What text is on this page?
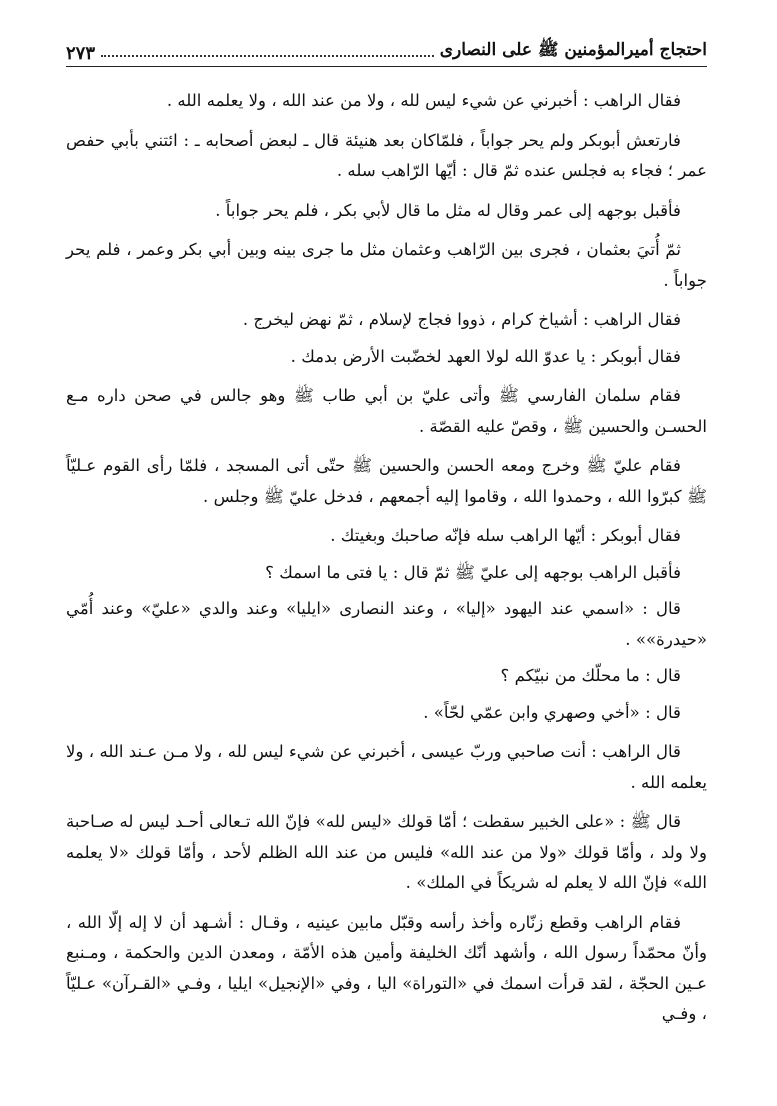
احتجاج أميرالمؤمنين ﷺ على النصارى
٢٧٣

فقال الراهب : أخبرني عن شيء ليس لله ، ولا من عند الله ، ولا يعلمه الله .

فارتعش أبوبكر ولم يحر جواباً ، فلمّاكان بعد هنيئة قال ـ لبعض أصحابه ـ : ائتني بأبي حفص عمر ؛ فجاء به فجلس عنده ثمّ قال : أيّها الرّاهب سله .

فأقبل بوجهه إلى عمر وقال له مثل ما قال لأبي بكر ، فلم يحر جواباً .

ثمّ أُتيَ بعثمان ، فجرى بين الرّاهب وعثمان مثل ما جرى بينه وبين أبي بكر وعمر ، فلم يحر جواباً .

فقال الراهب : أشياخ كرام ، ذووا فجاج لإسلام ، ثمّ نهض ليخرج .

فقال أبوبكر : يا عدوّ الله لولا العهد لخضّبت الأرض بدمك .

فقام سلمان الفارسي ﷺ وأتى عليّ بن أبي طاب ﷺ وهو جالس في صحن داره مـع الحسـن والحسين ﷺ ، وقصّ عليه القصّة .

فقام عليّ ﷺ وخرج ومعه الحسن والحسين ﷺ حتّى أتى المسجد ، فلمّا رأى القوم عـليّاً ﷺ كبرّوا الله ، وحمدوا الله ، وقاموا إليه أجمعهم ، فدخل عليّ ﷺ وجلس .

فقال أبوبكر : أيّها الراهب سله فإنّه صاحبك وبغيتك .

فأقبل الراهب بوجهه إلى عليّ ﷺ ثمّ قال : يا فتى ما اسمك ؟

قال : «اسمي عند اليهود «إليا» ، وعند النصارى «ايليا» وعند والدي «عليّ» وعند أُمّي «حيدرة»» .

قال : ما محلّك من نبيّكم ؟

قال : «أخي وصهري وابن عمّي لحّاً» .

قال الراهب : أنت صاحبي وربّ عيسى ، أخبرني عن شيء ليس لله ، ولا مـن عـند الله ، ولا يعلمه الله .

قال ﷺ : «على الخبير سقطت ؛ أمّا قولك «ليس لله» فإنّ الله تـعالى أحـد ليس له صـاحبة ولا ولد ، وأمّا قولك «ولا من عند الله» فليس من عند الله الظلم لأحد ، وأمّا قولك «لا يعلمه الله» فإنّ الله لا يعلم له شريكاً في الملك» .

فقام الراهب وقطع زنّاره وأخذ رأسه وقبّل مابين عينيه ، وقـال : أشـهد أن لا إله إلّا الله ، وأنّ محمّداً رسول الله ، وأشهد أنّك الخليفة وأمين هذه الأمّة ، ومعدن الدين والحكمة ، ومـنبع عـين الحجّة ، لقد قرأت اسمك في «التوراة» اليا ، وفي «الإنجيل» ايليا ، وفـي «القـرآن» عـليّاً ، وفـي
